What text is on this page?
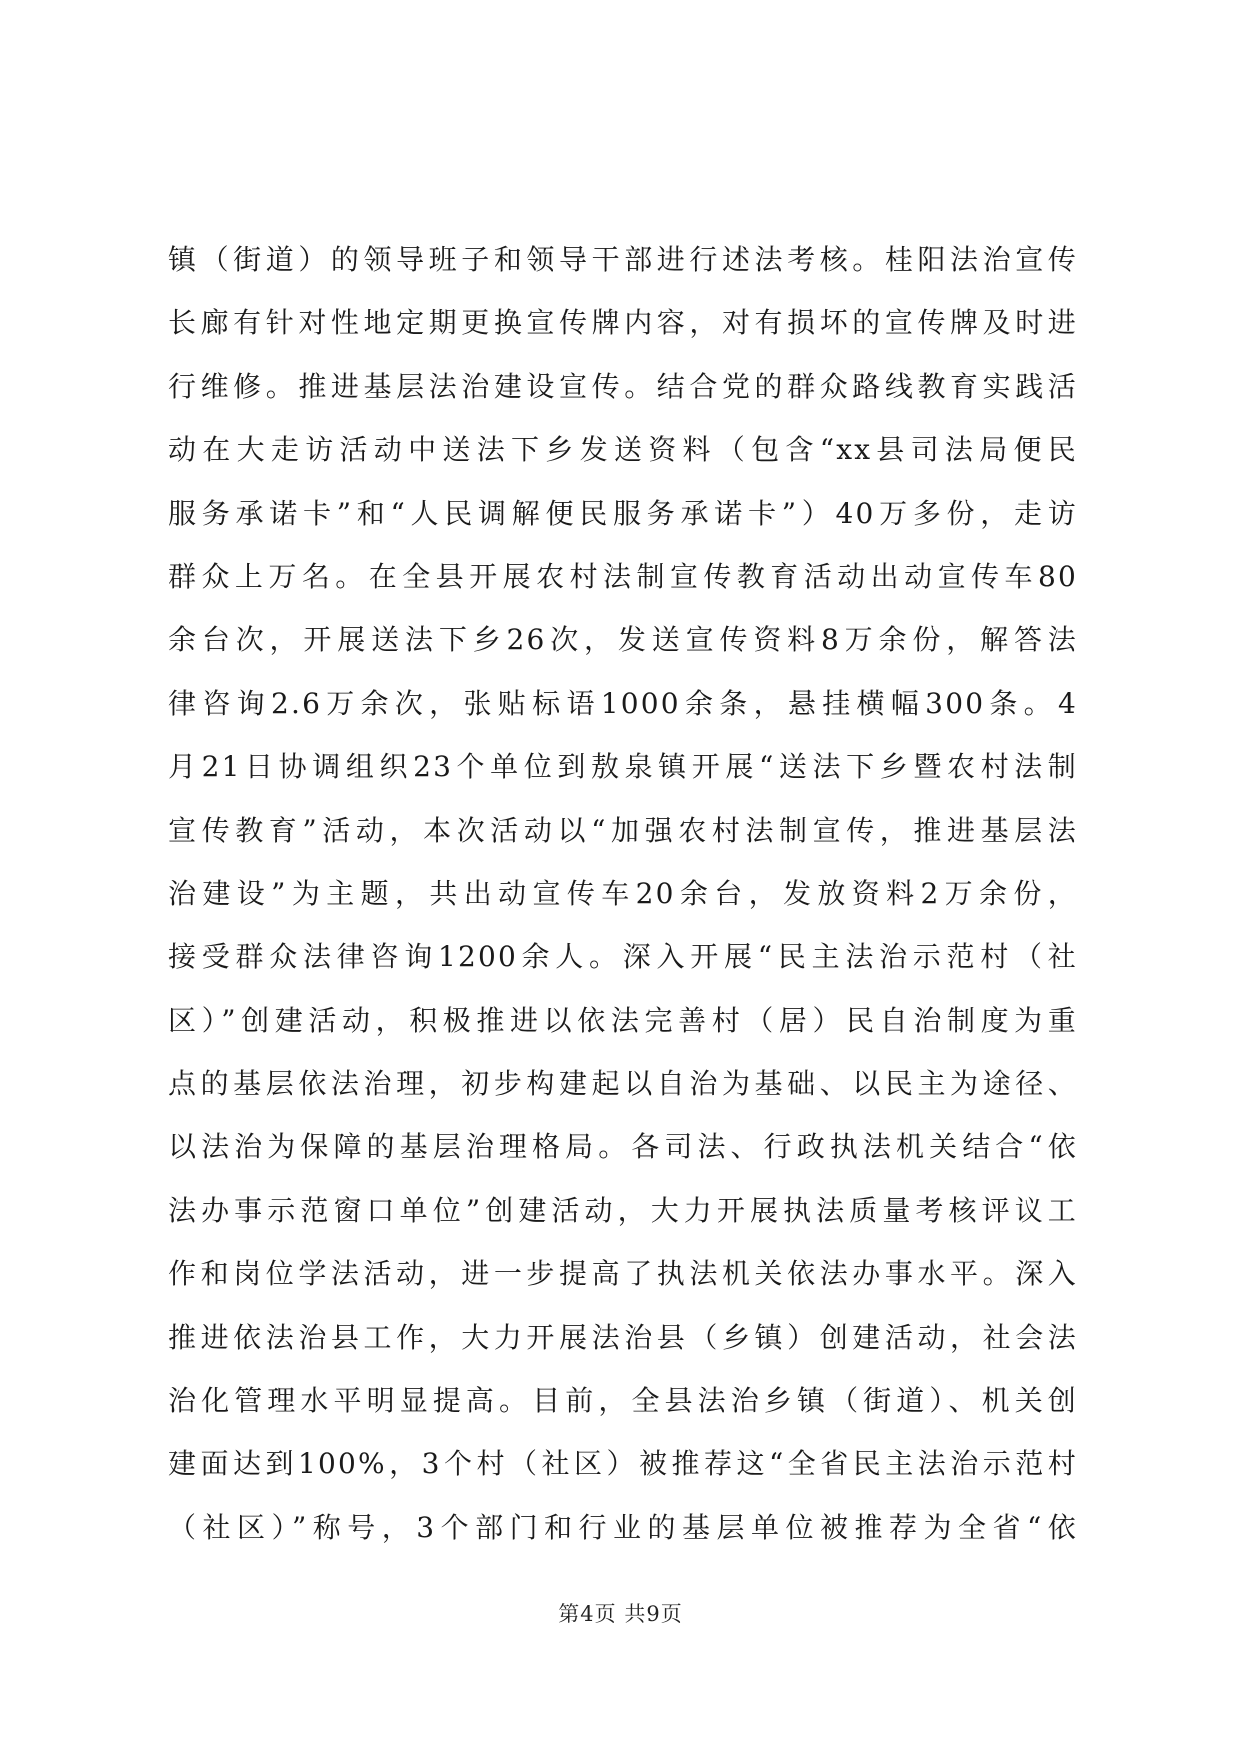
镇（街道）的领导班子和领导干部进行述法考核。桂阳法治宣传
长廊有针对性地定期更换宣传牌内容，对有损坏的宣传牌及时进
行维修。推进基层法治建设宣传。结合党的群众路线教育实践活
动在大走访活动中送法下乡发送资料（包含“xx县司法局便民
服务承诺卡”和“人民调解便民服务承诺卡”）40万多份，走访
群众上万名。在全县开展农村法制宣传教育活动出动宣传车80
余台次，开展送法下乡26次，发送宣传资料8万余份，解答法
律咨询2.6万余次，张贴标语1000余条，悬挂横幅300条。4
月21日协调组织23个单位到敖泉镇开展“送法下乡暨农村法制
宣传教育”活动，本次活动以“加强农村法制宣传，推进基层法
治建设”为主题，共出动宣传车20余台，发放资料2万余份，
接受群众法律咨询1200余人。深入开展“民主法治示范村（社
区）”创建活动，积极推进以依法完善村（居）民自治制度为重
点的基层依法治理，初步构建起以自治为基础、以民主为途径、
以法治为保障的基层治理格局。各司法、行政执法机关结合“依
法办事示范窗口单位”创建活动，大力开展执法质量考核评议工
作和岗位学法活动，进一步提高了执法机关依法办事水平。深入
推进依法治县工作，大力开展法治县（乡镇）创建活动，社会法
治化管理水平明显提高。目前，全县法治乡镇（街道）、机关创
建面达到100%，3个村（社区）被推荐这“全省民主法治示范村
（社区）”称号，3个部门和行业的基层单位被推荐为全省“依
第4页 共9页
